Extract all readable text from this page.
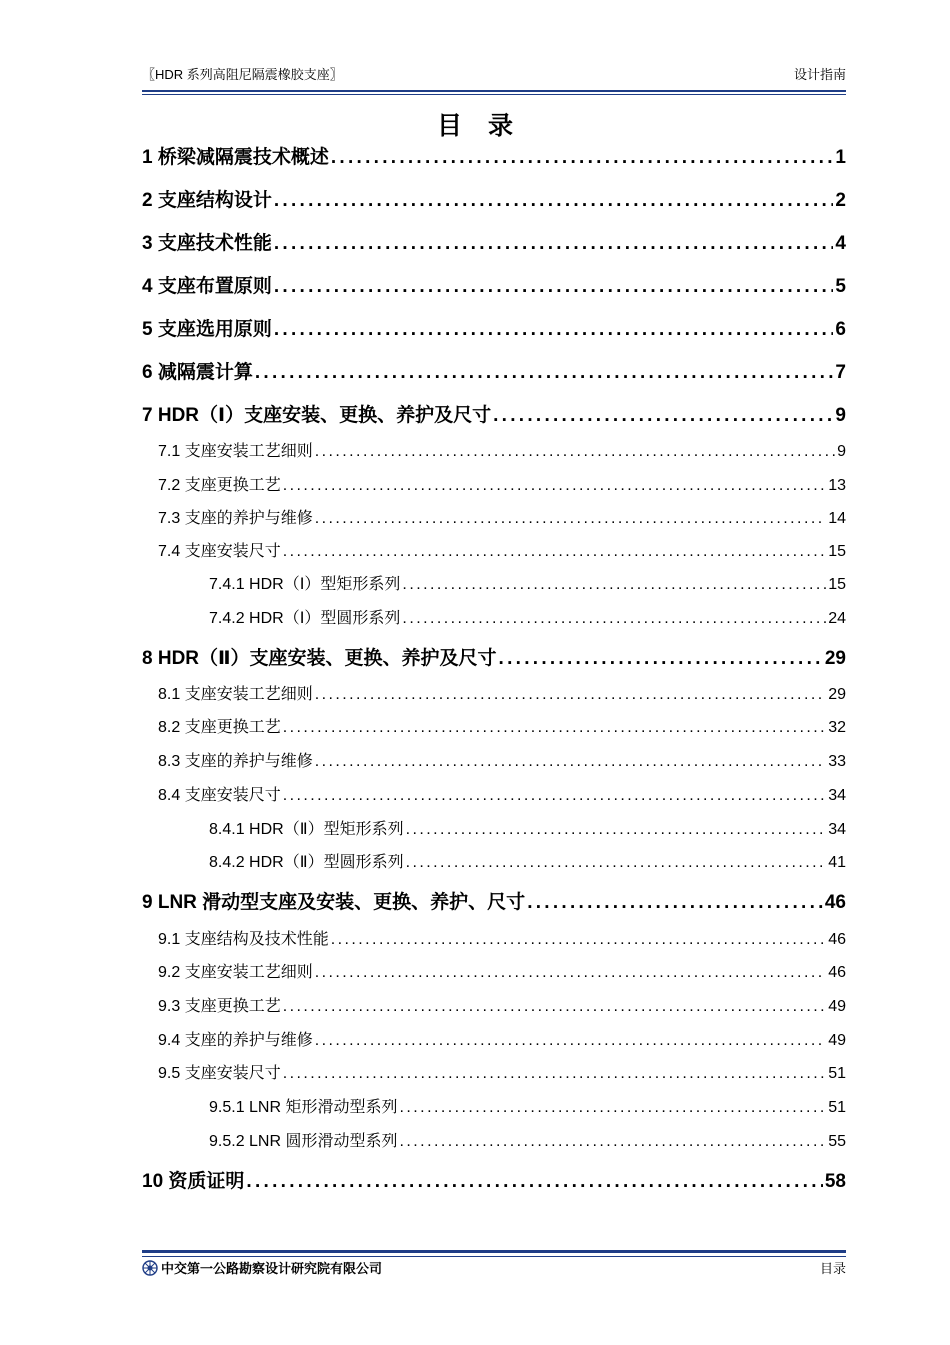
〖HDR 系列高阻尼隔震橡胶支座〗	设计指南
目录
1 桥梁减隔震技术概述 . . .	1
2 支座结构设计 . . .	2
3 支座技术性能 . . .	4
4 支座布置原则 . . .	5
5 支座选用原则 . . .	6
6 减隔震计算 . . .	7
7 HDR（Ⅰ）支座安装、更换、养护及尺寸 . . .	9
7.1 支座安装工艺细则 . . .	9
7.2 支座更换工艺 . . .	13
7.3 支座的养护与维修 . . .	14
7.4 支座安装尺寸 . . .	15
7.4.1 HDR（Ⅰ）型矩形系列 . . .	15
7.4.2 HDR（Ⅰ）型圆形系列 . . .	24
8 HDR（Ⅱ）支座安装、更换、养护及尺寸 . . .	29
8.1 支座安装工艺细则 . . .	29
8.2 支座更换工艺 . . .	32
8.3 支座的养护与维修 . . .	33
8.4 支座安装尺寸 . . .	34
8.4.1 HDR（Ⅱ）型矩形系列 . . .	34
8.4.2 HDR（Ⅱ）型圆形系列 . . .	41
9 LNR 滑动型支座及安装、更换、养护、尺寸 . . .	46
9.1 支座结构及技术性能 . . .	46
9.2 支座安装工艺细则 . . .	46
9.3 支座更换工艺 . . .	49
9.4 支座的养护与维修 . . .	49
9.5 支座安装尺寸 . . .	51
9.5.1 LNR 矩形滑动型系列 . . .	51
9.5.2 LNR 圆形滑动型系列 . . .	55
10 资质证明 . . .	58
中交第一公路勘察设计研究院有限公司	目录
